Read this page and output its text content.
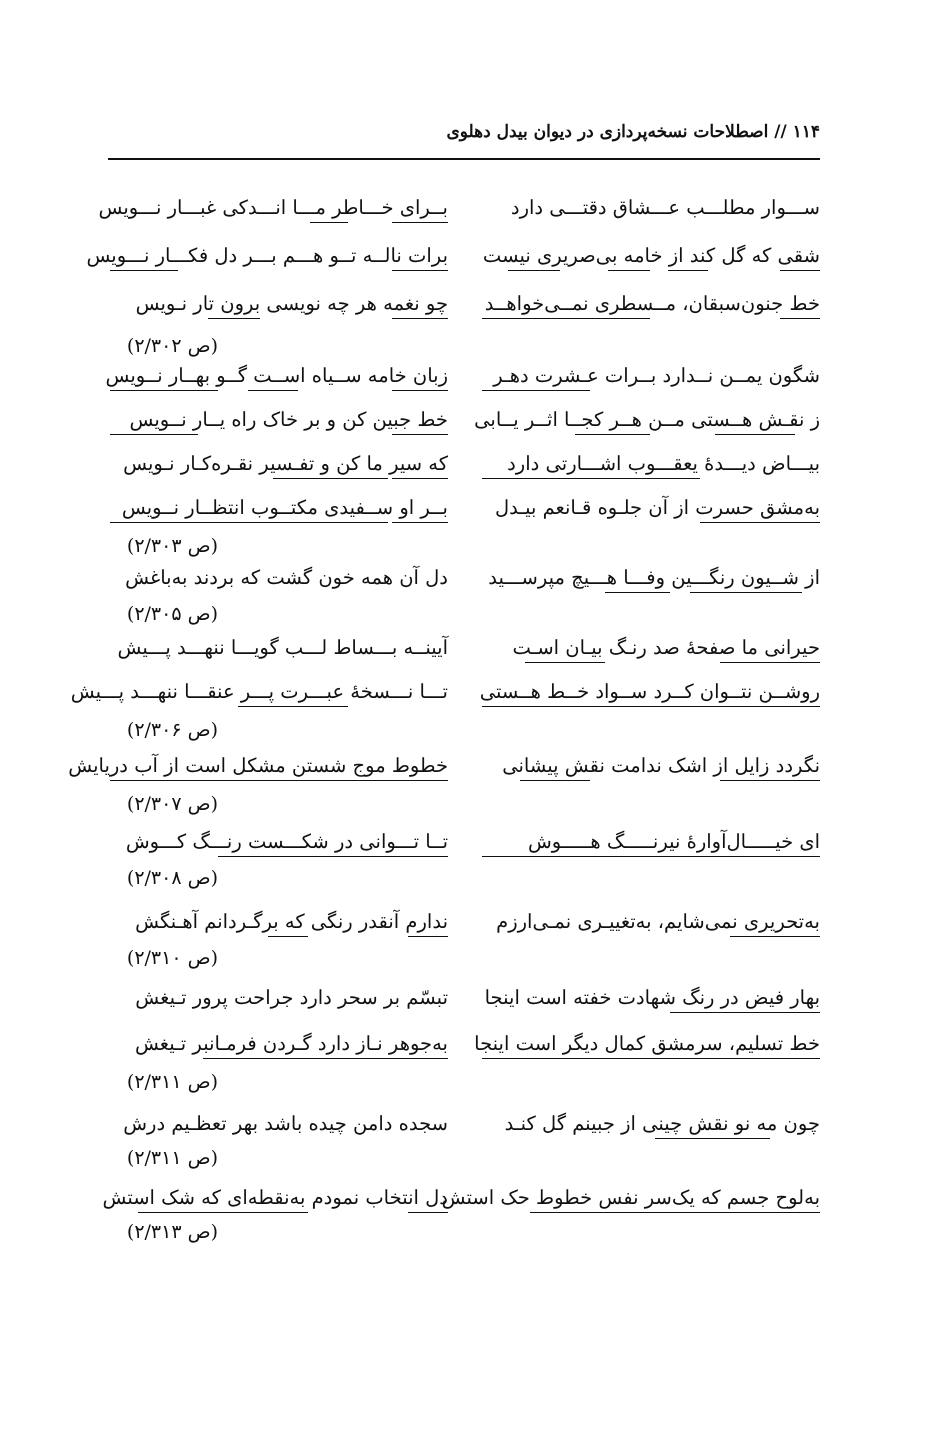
۱۱۴ // اصطلاحات نسخه‌پردازی در دیوان بیدل دهلوی
ســـوار مطلـــب عـــشاق دقتـــی دارد
بــرای خـــاطر مـــا انـــدکی غبـــار نـــویس
شقی که گل کند از خامه بی‌صریری نیست
برات نالــه تــو هـــم بـــر دل فکـــار نـــویس
خط جنون‌سبقان، مــسطری نمــی‌خواهــد
چو نغمه هر چه نویسی برون تار نـویس
(ص ۲/۳۰۲)
شگون یمــن نــدارد بــرات عـشرت دهـر
زبان خامه ســیاه اســت گــو بهــار نــویس
ز نقـش هــستی مــن هــر کجــا اثــر یــابی
خط جبین کن و بر خاک راه یــار نــویس
بیـــاض دیـــدۀ یعقـــوب اشـــارتی دارد
که سیر ما کن و تفـسیر نقـره‌کـار نـویس
به‌مشق حسرت از آن جلـوه قـانعم بیـدل
بــر او ســفیدی مکتــوب انتظــار نــویس
(ص ۲/۳۰۳)
از شــیون رنگـــین وفـــا هـــیچ مپرســـید
دل آن همه خون گشت که بردند به‌باغش
(ص ۲/۳۰۵)
حیرانی ما صفحۀ صد رنـگ بیـان اسـت
آیینــه بـــساط لـــب گویـــا ننهـــد پـــیش
روشــن نتــوان کــرد ســواد خــط هــستی
تـــا نـــسخۀ عبـــرت پـــر عنقـــا ننهـــد پـــیش
(ص ۲/۳۰۶)
نگردد زایل از اشک ندامت نقش پیشانی
خطوط موج شستن مشکل است از آب دریایش
(ص ۲/۳۰۷)
ای خیـــــال‌آوارۀ نیرنـــــگ هـــــوش
تــا تـــوانی در شکـــست رنـــگ کـــوش
(ص ۲/۳۰۸)
به‌تحریری نمی‌شایم، به‌تغییـری نمـی‌ارزم
ندارم آنقدر رنگی که برگـردانم آهـنگش
(ص ۲/۳۱۰)
بهار فیض در رنگ شهادت خفته است اینجا
تبسّم بر سحر دارد جراحت پرور تـیغش
خط تسلیم، سرمشق کمال دیگر است اینجا
به‌جوهر نـاز دارد گـردن فرمـانبر تـیغش
(ص ۲/۳۱۱)
چون مه نو نقش چینی از جبینم گل کنـد
سجده دامن چیده باشد بهر تعظـیم درش
(ص ۲/۳۱۱)
به‌لوح جسم که یک‌سر نفس خطوط حک استش
دل انتخاب نمودم به‌نقطه‌ای که شک استش
(ص ۲/۳۱۳)
